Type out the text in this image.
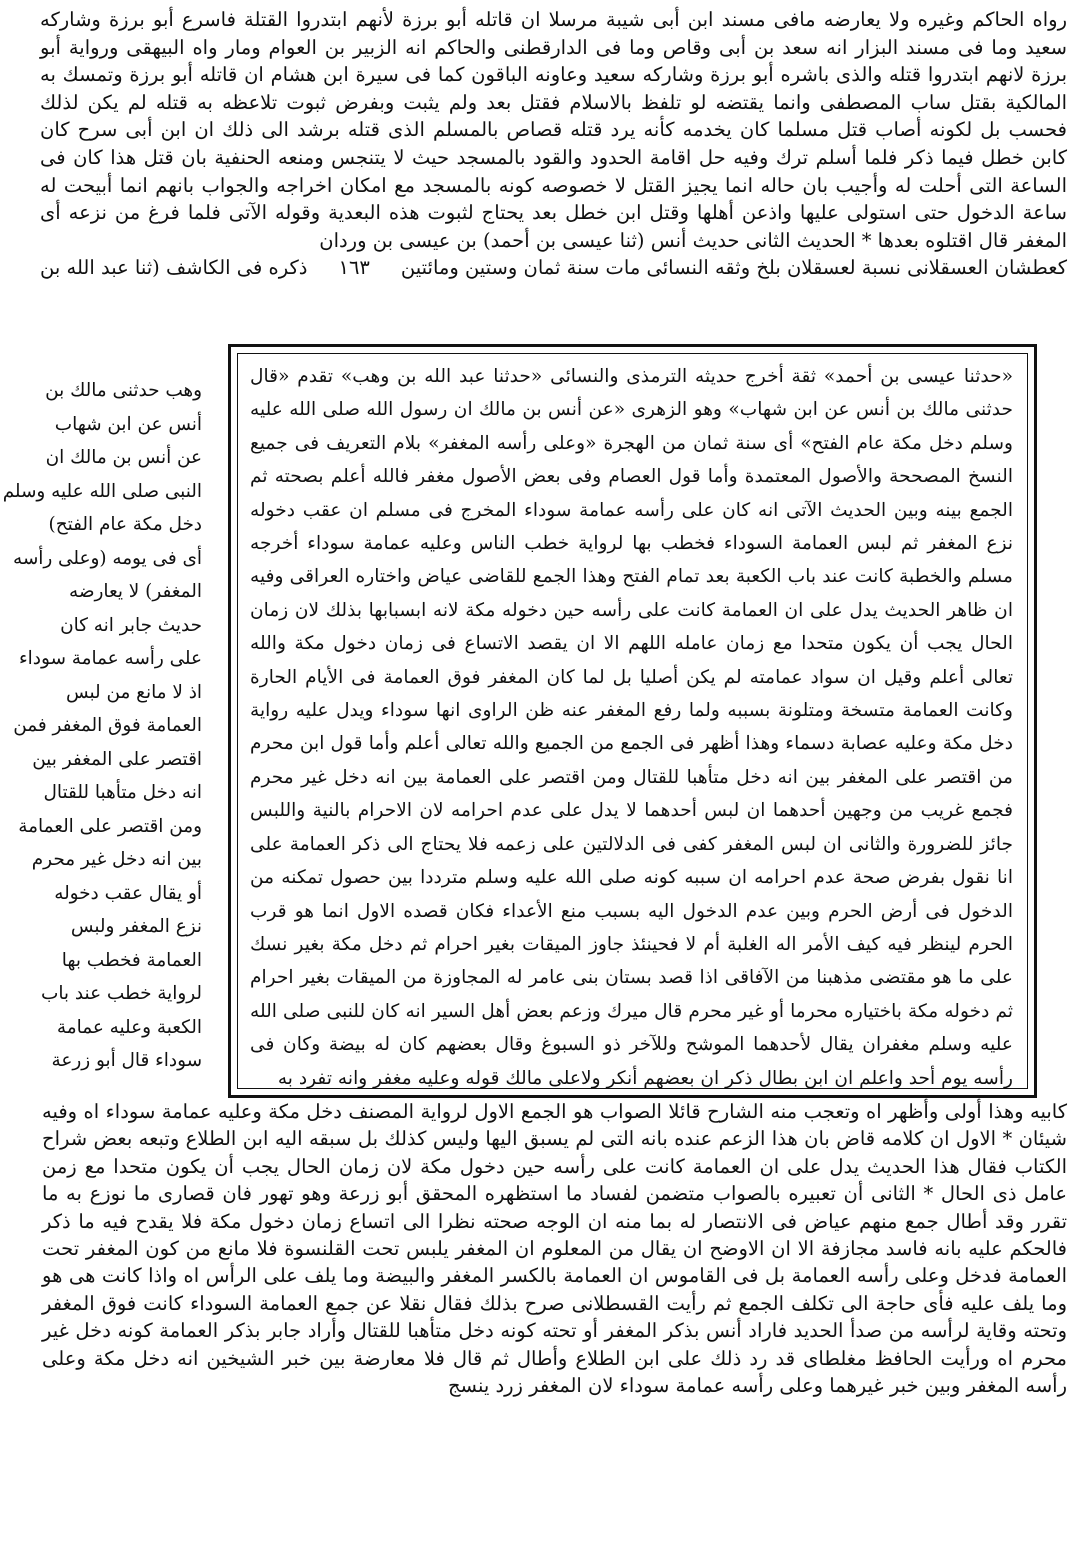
رواه الحاكم وغيره ولا يعارضه مافى مسند ابن أبى شيبة مرسلا ان قاتله أبو برزة لأنهم ابتدروا القتلة فاسرع أبو برزة وشاركه سعيد وما فى مسند البزار انه سعد بن أبى وقاص وما فى الدارقطنى والحاكم انه الزبير بن العوام ومار واه البيهقى ورواية أبو برزة لانهم ابتدروا قتله والذى باشره أبو برزة وشاركه سعيد وعاونه الباقون كما فى سيرة ابن هشام ان قاتله أبو برزة وتمسك به المالكية بقتل ساب المصطفى وانما يقتضه لو تلفظ بالاسلام فقتل بعد ولم يثبت وبفرض ثبوت تلاعظه به قتله لم يكن لذلك فحسب بل لكونه أصاب قتل مسلما كان يخدمه كأنه يرد قتله قصاص بالمسلم الذى قتله برشد الى ذلك ان ابن أبى سرح كان كابن خطل فيما ذكر فلما أسلم ترك وفيه حل اقامة الحدود والقود بالمسجد حيث لا يتنجس ومنعه الحنفية بان قتل هذا كان فى الساعة التى أحلت له وأجيب بان حاله انما يجيز القتل لا خصوصه كونه بالمسجد مع امكان اخراجه والجواب بانهم انما أبيحت له ساعة الدخول حتى استولى عليها واذعن أهلها وقتل ابن خطل بعد يحتاج لثبوت هذه البعدية وقوله الآتى فلما فرغ من نزعه أى المغفر قال اقتلوه بعدها * الحديث الثانى حديث أنس (ثنا عيسى بن أحمد) بن عيسى بن وردان

كعطشان العسقلانى نسبة لعسقلان بلخ وثقه النسائى مات سنة ثمان وستين ومائتين
١٦٣
ذكره فى الكاشف (ثنا عبد الله بن

«حدثنا عيسى بن أحمد» ثقة أخرج حديثه الترمذى والنسائى «حدثنا عبد الله بن وهب» تقدم «قال حدثنى مالك بن أنس عن ابن شهاب» وهو الزهرى «عن أنس بن مالك ان رسول الله صلى الله عليه وسلم دخل مكة عام الفتح» أى سنة ثمان من الهجرة «وعلى رأسه المغفر» بلام التعريف فى جميع النسخ المصححة والأصول المعتمدة وأما قول العصام وفى بعض الأصول مغفر فالله أعلم بصحته ثم الجمع بينه وبين الحديث الآتى انه كان على رأسه عمامة سوداء المخرج فى مسلم ان عقب دخوله نزع المغفر ثم لبس العمامة السوداء فخطب بها لرواية خطب الناس وعليه عمامة سوداء أخرجه مسلم والخطبة كانت عند باب الكعبة بعد تمام الفتح وهذا الجمع للقاضى عياض واختاره العراقى وفيه ان ظاهر الحديث يدل على ان العمامة كانت على رأسه حين دخوله مكة لانه ابسبابها بذلك لان زمان الحال يجب أن يكون متحدا مع زمان عامله اللهم الا ان يقصد الاتساع فى زمان دخول مكة والله تعالى أعلم وقيل ان سواد عمامته لم يكن أصليا بل لما كان المغفر فوق العمامة فى الأيام الحارة وكانت العمامة متسخة ومتلونة بسببه ولما رفع المغفر عنه ظن الراوى انها سوداء ويدل عليه رواية دخل مكة وعليه عصابة دسماء وهذا أظهر فى الجمع من الجميع والله تعالى أعلم وأما قول ابن محرم من اقتصر على المغفر بين انه دخل متأهبا للقتال ومن اقتصر على العمامة بين انه دخل غير محرم فجمع غريب من وجهين أحدهما ان لبس أحدهما لا يدل على عدم احرامه لان الاحرام بالنية واللبس جائز للضرورة والثانى ان لبس المغفر كفى فى الدلالتين على زعمه فلا يحتاج الى ذكر العمامة على انا نقول بفرض صحة عدم احرامه ان سببه كونه صلى الله عليه وسلم مترددا بين حصول تمكنه من الدخول فى أرض الحرم وبين عدم الدخول اليه بسبب منع الأعداء فكان قصده الاول انما هو قرب الحرم لينظر فيه كيف الأمر اله الغلبة أم لا فحينئذ جاوز الميقات بغير احرام ثم دخل مكة بغير نسك على ما هو مقتضى مذهبنا من الآفاقى اذا قصد بستان بنى عامر له المجاوزة من الميقات بغير احرام ثم دخوله مكة باختياره محرما أو غير محرم قال ميرك وزعم بعض أهل السير انه كان للنبى صلى الله عليه وسلم مغفران يقال لأحدهما الموشح وللآخر ذو السبوغ وقال بعضهم كان له بيضة وكان فى رأسه يوم أحد واعلم ان ابن بطال ذكر ان بعضهم أنكر ولاعلى مالك قوله وعليه مغفر وانه تفرد به

وهب حدثنى مالك بن
أنس عن ابن شهاب
عن أنس بن مالك ان
النبى صلى الله عليه وسلم
دخل مكة عام الفتح)
أى فى يومه (وعلى رأسه
المغفر) لا يعارضه
حديث جابر انه كان
على رأسه عمامة سوداء
اذ لا مانع من لبس
العمامة فوق المغفر فمن
اقتصر على المغفر بين
انه دخل متأهبا للقتال
ومن اقتصر على العمامة
بين انه دخل غير محرم
أو يقال عقب دخوله
نزع المغفر ولبس
العمامة فخطب بها
لرواية خطب عند باب
الكعبة وعليه عمامة
سوداء قال أبو زرعة

كابيه وهذا أولى وأظهر اه وتعجب منه الشارح قائلا الصواب هو الجمع الاول لرواية المصنف دخل مكة وعليه عمامة سوداء اه وفيه شيئان * الاول ان كلامه قاض بان هذا الزعم عنده بانه التى لم يسبق اليها وليس كذلك بل سبقه اليه ابن الطلاع وتبعه بعض شراح الكتاب فقال هذا الحديث يدل على ان العمامة كانت على رأسه حين دخول مكة لان زمان الحال يجب أن يكون متحدا مع زمن عامل ذى الحال * الثانى أن تعبيره بالصواب متضمن لفساد ما استظهره المحقق أبو زرعة وهو تهور فان قصارى ما نوزع به ما تقرر وقد أطال جمع منهم عياض فى الانتصار له بما منه ان الوجه صحته نظرا الى اتساع زمان دخول مكة فلا يقدح فيه ما ذكر فالحكم عليه بانه فاسد مجازفة الا ان الاوضح ان يقال من المعلوم ان المغفر يلبس تحت القلنسوة فلا مانع من كون المغفر تحت العمامة فدخل وعلى رأسه العمامة بل فى القاموس ان العمامة بالكسر المغفر والبيضة وما يلف على الرأس اه واذا كانت هى هو وما يلف عليه فأى حاجة الى تكلف الجمع ثم رأيت القسطلانى صرح بذلك فقال نقلا عن جمع العمامة السوداء كانت فوق المغفر وتحته وقاية لرأسه من صدأ الحديد فاراد أنس بذكر المغفر أو تحته كونه دخل متأهبا للقتال وأراد جابر بذكر العمامة كونه دخل غير محرم اه ورأيت الحافظ مغلطاى قد رد ذلك على ابن الطلاع وأطال ثم قال فلا معارضة بين خبر الشيخين انه دخل مكة وعلى رأسه المغفر وبين خبر غيرهما وعلى رأسه عمامة سوداء لان المغفر زرد ينسج
